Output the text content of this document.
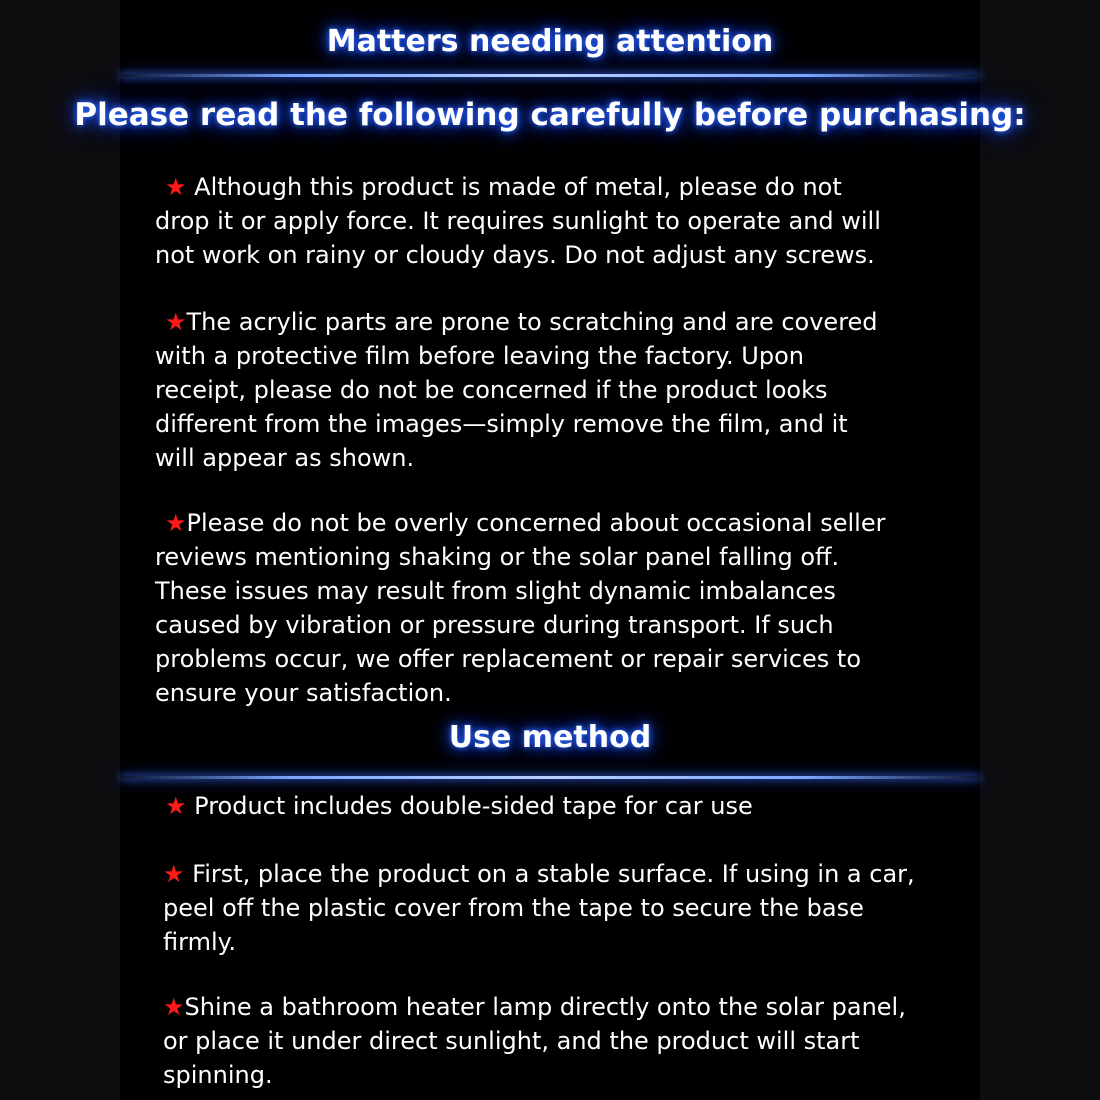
Matters needing attention
Please read the following carefully before purchasing:
★ Although this product is made of metal, please do not
drop it or apply force. It requires sunlight to operate and will
not work on rainy or cloudy days. Do not adjust any screws.
★The acrylic parts are prone to scratching and are covered
with a protective film before leaving the factory. Upon
receipt, please do not be concerned if the product looks
different from the images—simply remove the film, and it
will appear as shown.
★Please do not be overly concerned about occasional seller
reviews mentioning shaking or the solar panel falling off.
These issues may result from slight dynamic imbalances
caused by vibration or pressure during transport. If such
problems occur, we offer replacement or repair services to
ensure your satisfaction.
Use method
★ Product includes double-sided tape for car use
★ First, place the product on a stable surface. If using in a car,
peel off the plastic cover from the tape to secure the base
firmly.
★Shine a bathroom heater lamp directly onto the solar panel,
or place it under direct sunlight, and the product will start
spinning.
